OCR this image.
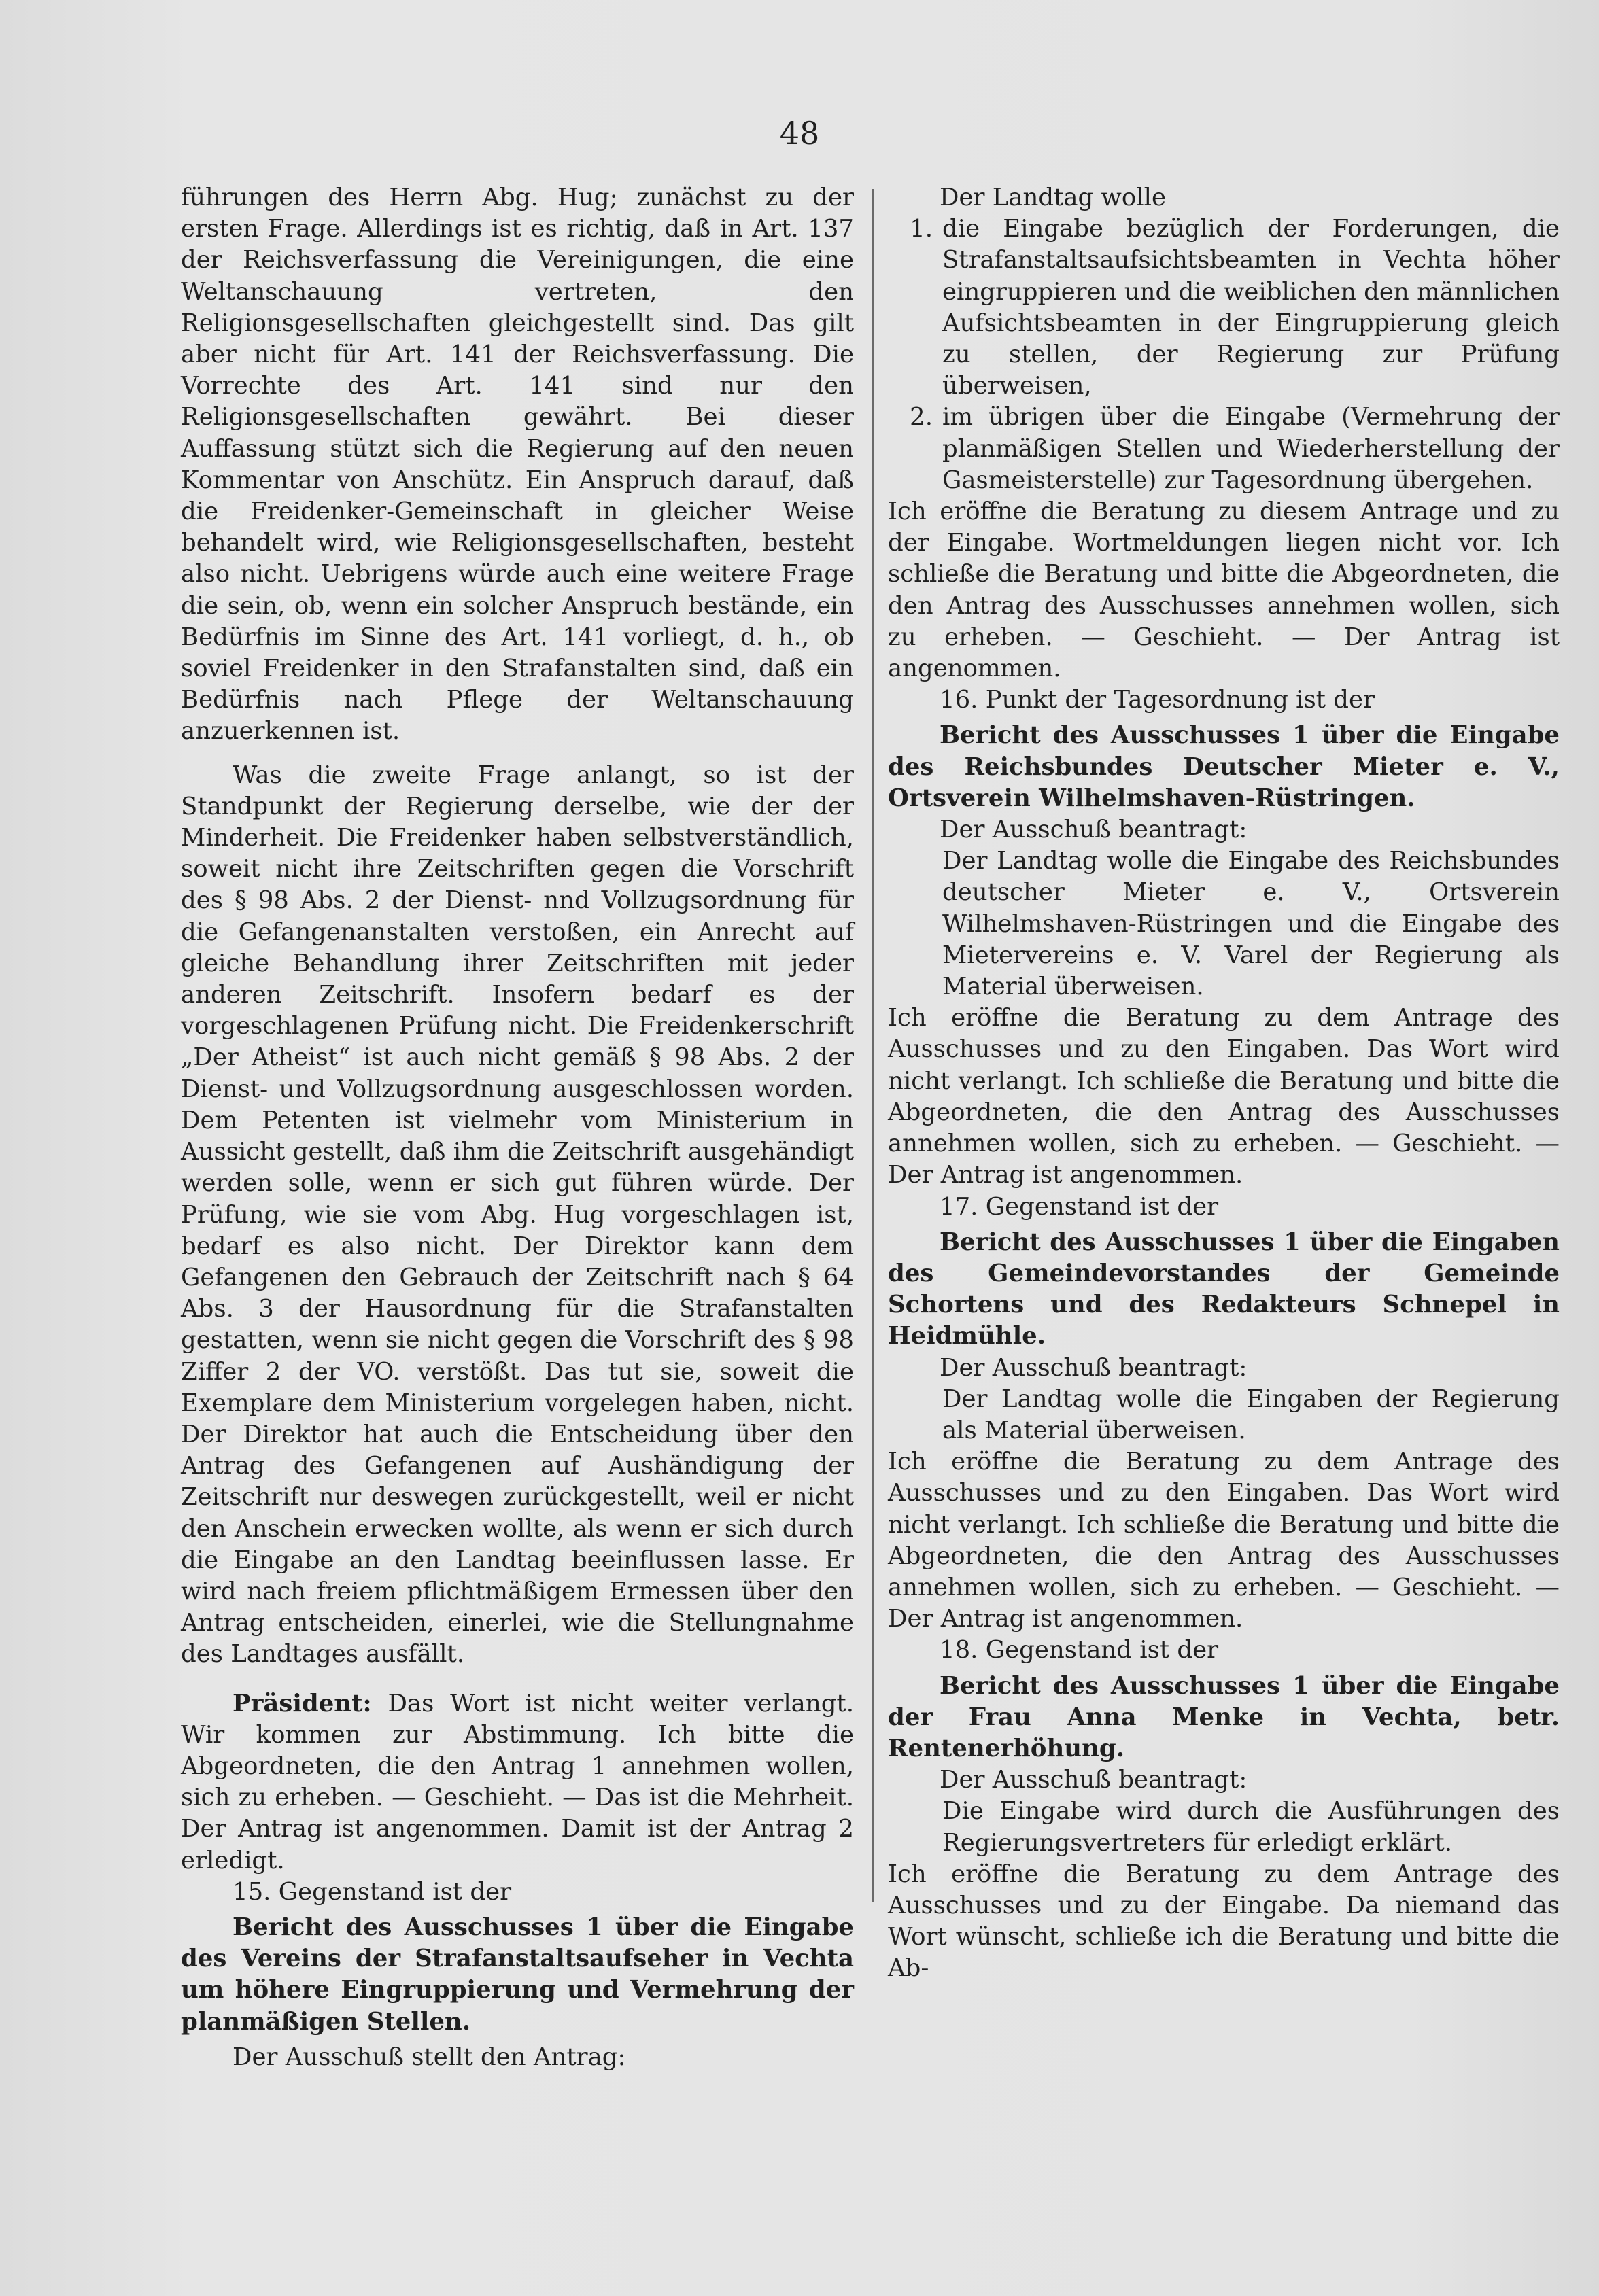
48

führungen des Herrn Abg. Hug; zunächst zu der ersten Frage. Allerdings ist es richtig, daß in Art. 137 der Reichsverfassung die Vereinigungen, die eine Weltanschauung vertreten, den Religionsgesellschaften gleichgestellt sind. Das gilt aber nicht für Art. 141 der Reichsverfassung. Die Vorrechte des Art. 141 sind nur den Religionsgesellschaften gewährt. Bei dieser Auffassung stützt sich die Regierung auf den neuen Kommentar von Anschütz. Ein Anspruch darauf, daß die Freidenker-Gemeinschaft in gleicher Weise behandelt wird, wie Religionsgesellschaften, besteht also nicht. Uebrigens würde auch eine weitere Frage die sein, ob, wenn ein solcher Anspruch bestände, ein Bedürfnis im Sinne des Art. 141 vorliegt, d. h., ob soviel Freidenker in den Strafanstalten sind, daß ein Bedürfnis nach Pflege der Weltanschauung anzuerkennen ist.

Was die zweite Frage anlangt, so ist der Standpunkt der Regierung derselbe, wie der der Minderheit. Die Freidenker haben selbstverständlich, soweit nicht ihre Zeitschriften gegen die Vorschrift des § 98 Abs. 2 der Dienst- nnd Vollzugsordnung für die Gefangenanstalten verstoßen, ein Anrecht auf gleiche Behandlung ihrer Zeitschriften mit jeder anderen Zeitschrift. Insofern bedarf es der vorgeschlagenen Prüfung nicht. Die Freidenkerschrift „Der Atheist“ ist auch nicht gemäß § 98 Abs. 2 der Dienst- und Vollzugsordnung ausgeschlossen worden. Dem Petenten ist vielmehr vom Ministerium in Aussicht gestellt, daß ihm die Zeitschrift ausgehändigt werden solle, wenn er sich gut führen würde. Der Prüfung, wie sie vom Abg. Hug vorgeschlagen ist, bedarf es also nicht. Der Direktor kann dem Gefangenen den Gebrauch der Zeitschrift nach § 64 Abs. 3 der Hausordnung für die Strafanstalten gestatten, wenn sie nicht gegen die Vorschrift des § 98 Ziffer 2 der VO. verstößt. Das tut sie, soweit die Exemplare dem Ministerium vorgelegen haben, nicht. Der Direktor hat auch die Entscheidung über den Antrag des Gefangenen auf Aushändigung der Zeitschrift nur deswegen zurückgestellt, weil er nicht den Anschein erwecken wollte, als wenn er sich durch die Eingabe an den Landtag beeinflussen lasse. Er wird nach freiem pflichtmäßigem Ermessen über den Antrag entscheiden, einerlei, wie die Stellungnahme des Landtages ausfällt.

Präsident: Das Wort ist nicht weiter verlangt. Wir kommen zur Abstimmung. Ich bitte die Abgeordneten, die den Antrag 1 annehmen wollen, sich zu erheben. — Geschieht. — Das ist die Mehrheit. Der Antrag ist angenommen. Damit ist der Antrag 2 erledigt.

15. Gegenstand ist der

Bericht des Ausschusses 1 über die Eingabe des Vereins der Strafanstaltsaufseher in Vechta um höhere Eingruppierung und Vermehrung der planmäßigen Stellen.

Der Ausschuß stellt den Antrag:

Der Landtag wolle

1. die Eingabe bezüglich der Forderungen, die Strafanstaltsaufsichtsbeamten in Vechta höher eingruppieren und die weiblichen den männlichen Aufsichtsbeamten in der Eingruppierung gleich zu stellen, der Regierung zur Prüfung überweisen,
2. im übrigen über die Eingabe (Vermehrung der planmäßigen Stellen und Wiederherstellung der Gasmeisterstelle) zur Tagesordnung übergehen.

Ich eröffne die Beratung zu diesem Antrage und zu der Eingabe. Wortmeldungen liegen nicht vor. Ich schließe die Beratung und bitte die Abgeordneten, die den Antrag des Ausschusses annehmen wollen, sich zu erheben. — Geschieht. — Der Antrag ist angenommen.

16. Punkt der Tagesordnung ist der

Bericht des Ausschusses 1 über die Eingabe des Reichsbundes Deutscher Mieter e. V., Ortsverein Wilhelmshaven-Rüstringen.

Der Ausschuß beantragt:

Der Landtag wolle die Eingabe des Reichsbundes deutscher Mieter e. V., Ortsverein Wilhelmshaven-Rüstringen und die Eingabe des Mietervereins e. V. Varel der Regierung als Material überweisen.

Ich eröffne die Beratung zu dem Antrage des Ausschusses und zu den Eingaben. Das Wort wird nicht verlangt. Ich schließe die Beratung und bitte die Abgeordneten, die den Antrag des Ausschusses annehmen wollen, sich zu erheben. — Geschieht. — Der Antrag ist angenommen.

17. Gegenstand ist der

Bericht des Ausschusses 1 über die Eingaben des Gemeindevorstandes der Gemeinde Schortens und des Redakteurs Schnepel in Heidmühle.

Der Ausschuß beantragt:

Der Landtag wolle die Eingaben der Regierung als Material überweisen.

Ich eröffne die Beratung zu dem Antrage des Ausschusses und zu den Eingaben. Das Wort wird nicht verlangt. Ich schließe die Beratung und bitte die Abgeordneten, die den Antrag des Ausschusses annehmen wollen, sich zu erheben. — Geschieht. — Der Antrag ist angenommen.

18. Gegenstand ist der

Bericht des Ausschusses 1 über die Eingabe der Frau Anna Menke in Vechta, betr. Rentenerhöhung.

Der Ausschuß beantragt:

Die Eingabe wird durch die Ausführungen des Regierungsvertreters für erledigt erklärt.

Ich eröffne die Beratung zu dem Antrage des Ausschusses und zu der Eingabe. Da niemand das Wort wünscht, schließe ich die Beratung und bitte die Ab-
